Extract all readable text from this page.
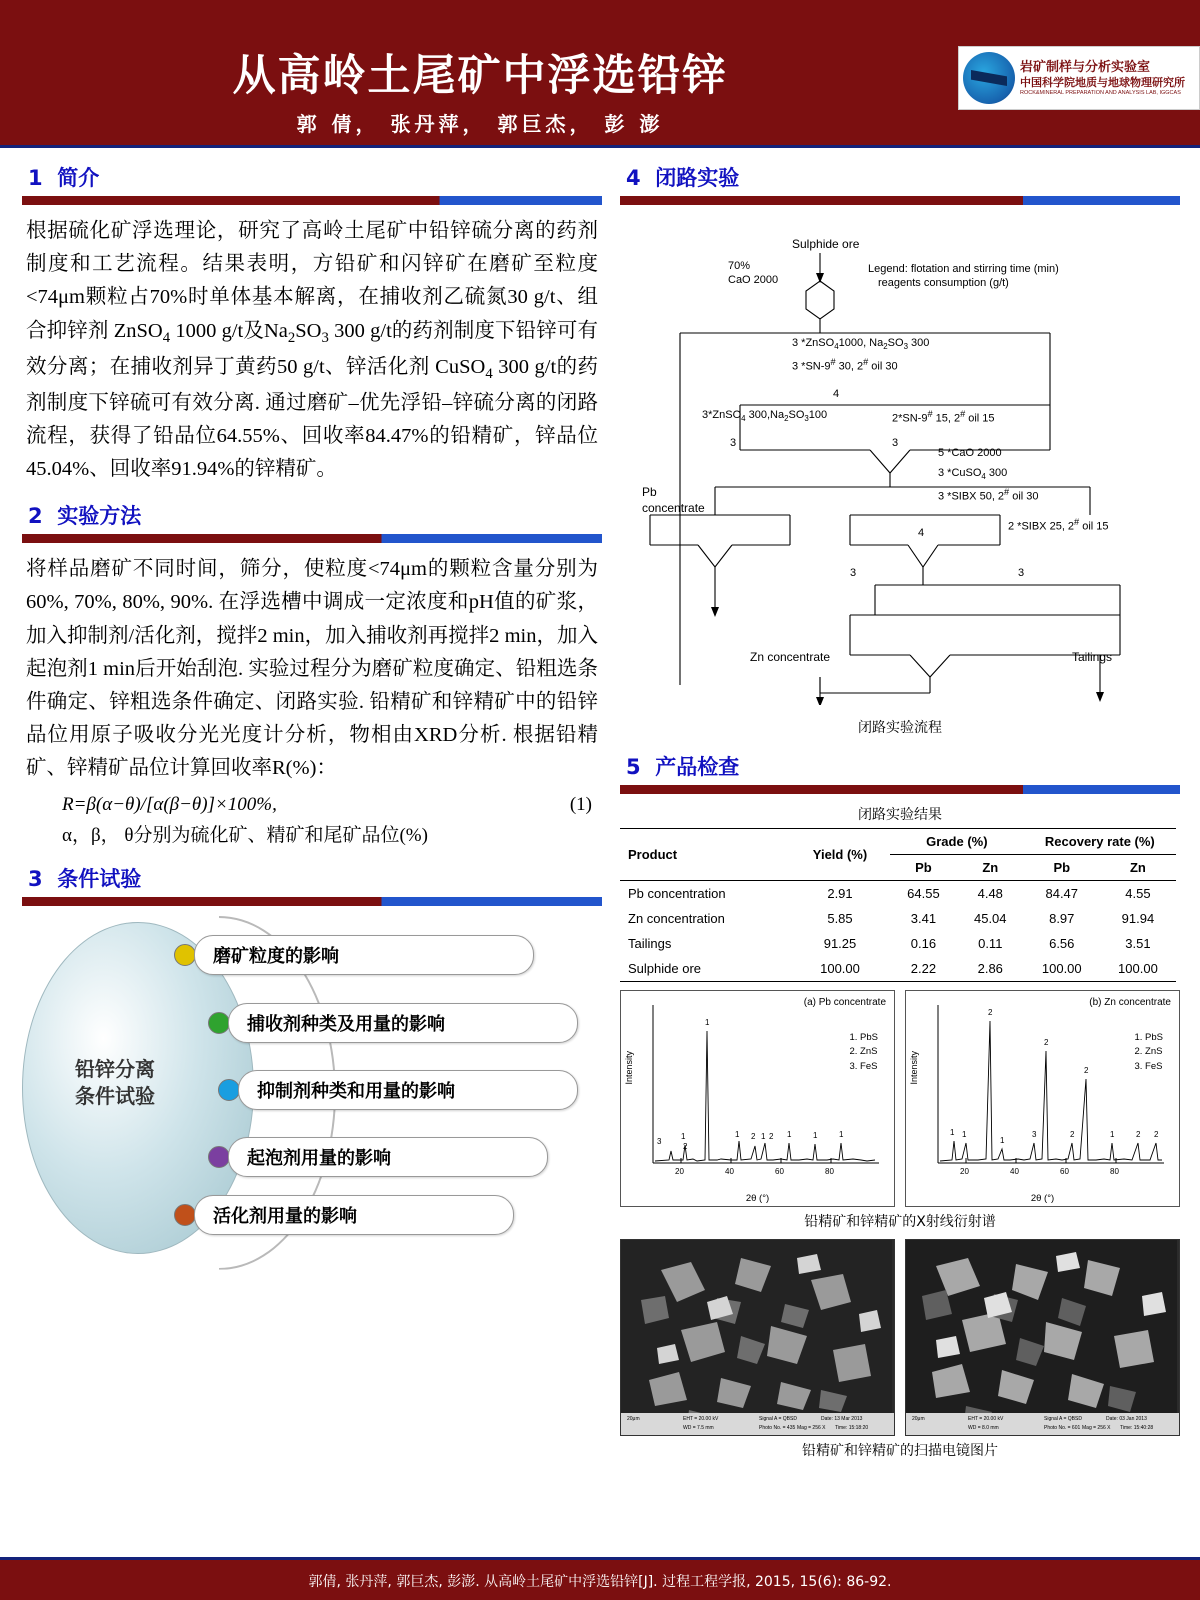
从高岭土尾矿中浮选铅锌
郭 倩， 张丹萍， 郭巨杰， 彭 澎
岩矿制样与分析实验室
中国科学院地质与地球物理研究所
ROCK&MINERAL PREPARATION AND ANALYSIS LAB, IGGCAS
1 简介
根据硫化矿浮选理论，研究了高岭土尾矿中铅锌硫分离的药剂制度和工艺流程。结果表明，方铅矿和闪锌矿在磨矿至粒度<74μm颗粒占70%时单体基本解离，在捕收剂乙硫氮30 g/t、组合抑锌剂 ZnSO$_4$ 1000 g/t及$Na_2SO_3$ 300 g/t的药剂制度下铅锌可有效分离；在捕收剂异丁黄药50 g/t、锌活化剂 CuSO$_4$ 300 g/t的药剂制度下锌硫可有效分离. 通过磨矿–优先浮铅–锌硫分离的闭路流程，获得了铅品位64.55%、回收率84.47%的铅精矿，锌品位45.04%、回收率91.94%的锌精矿。
2 实验方法
将样品磨矿不同时间，筛分，使粒度<74μm的颗粒含量分别为60%, 70%, 80%, 90%. 在浮选槽中调成一定浓度和pH值的矿浆，加入抑制剂/活化剂，搅拌2 min，加入捕收剂再搅拌2 min，加入起泡剂1 min后开始刮泡. 实验过程分为磨矿粒度确定、铅粗选条件确定、锌粗选条件确定、闭路实验. 铅精矿和锌精矿中的铅锌品位用原子吸收分光光度计分析，物相由XRD分析. 根据铅精矿、锌精矿品位计算回收率R(%)：
R=β(α−θ)/[α(β−θ)]×100%,	(1)
α，β， θ分别为硫化矿、精矿和尾矿品位(%)
3 条件试验
铅锌分离
条件试验
磨矿粒度的影响
捕收剂种类及用量的影响
抑制剂种类和用量的影响
起泡剂用量的影响
活化剂用量的影响
4 闭路实验
Sulphide ore
70%
CaO 2000
Legend: flotation and stirring time (min)
reagents consumption (g/t)
3 *ZnSO$_4$1000, $Na_2SO_3$ 300
3 *SN-9# 30, 2# oil 30
4
3*ZnSO$_4$ $300,Na_2SO_3100$	2*SN-9# 15, 2# oil 15
3	3
5 *CaO 2000
3 *CuSO$_4$ 300
3 *SIBX 50, 2# oil 30
4
2 *SIBX 25, 2# oil 15
3	3
Pb
concentrate
Zn concentrate	Tailings
闭路实验流程
5 产品检查
闭路实验结果
Product	Yield (%)	Grade (%)		Recovery rate (%)	
		Pb	Zn	Pb	Zn
Pb concentration	2.91	64.55	4.48	84.47	4.55
Zn concentration	5.85	3.41	45.04	8.97	91.94
Tailings	91.25	0.16	0.11	6.56	3.51
Sulphide ore	100.00	2.22	2.86	100.00	100.00
(a) Pb concentrate
Intensity
1. PbS
2. ZnS
3. FeS
20	40	60	80
3
1
1
2
1 2 1 2 1	1	1
2θ (°)
(b) Zn concentrate
Intensity
1. PbS
2. ZnS
3. FeS
20	40	60	80
2
2
2
1 1
1
3	2	1	2 2
2θ (°)
铅精矿和锌精矿的X射线衍射谱
20μm	EHT = 20.00 kV	Signal A = QBSD	Date: 13 Mar 2013
WD = 7.5 mm	Photo No. = 435 Mag = 256 X Time: 15:18:20
20μm	EHT = 20.00 kV	Signal A = QBSD	Date: 03 Jan 2013
WD = 8.0 mm	Photo No. = 601 Mag = 256 X Time: 15:40:28
铅精矿和锌精矿的扫描电镜图片
郭倩, 张丹萍, 郭巨杰, 彭澎. 从高岭土尾矿中浮选铅锌[J]. 过程工程学报, 2015, 15(6): 86-92.
